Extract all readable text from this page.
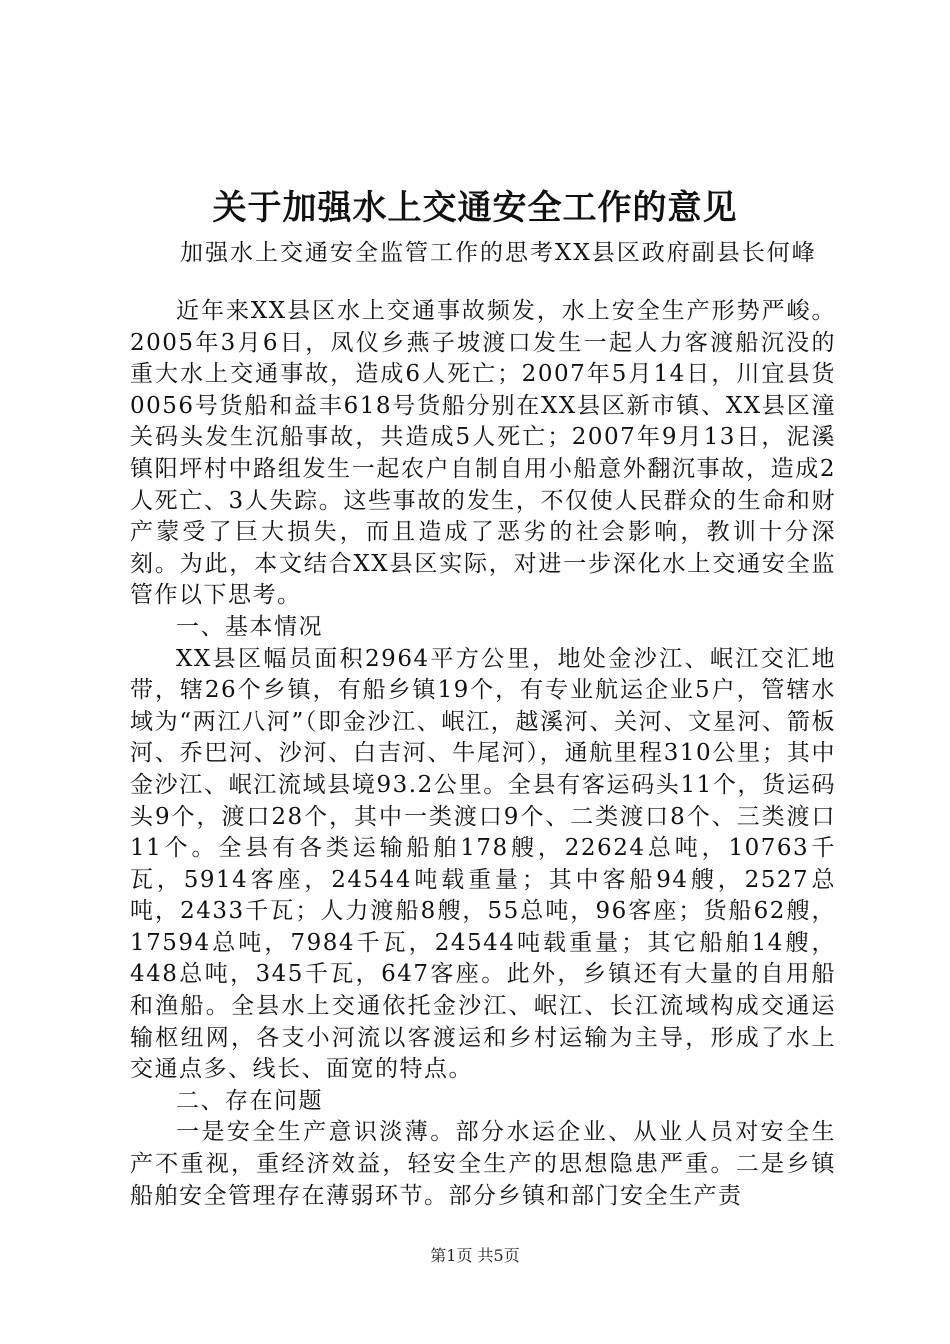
关于加强水上交通安全工作的意见
加强水上交通安全监管工作的思考XX县区政府副县长何峰

近年来XX县区水上交通事故频发，水上安全生产形势严峻。2005年3月6日，凤仪乡燕子坡渡口发生一起人力客渡船沉没的重大水上交通事故，造成6人死亡；2007年5月14日，川宜县货0056号货船和益丰618号货船分别在XX县区新市镇、XX县区潼关码头发生沉船事故，共造成5人死亡；2007年9月13日，泥溪镇阳坪村中路组发生一起农户自制自用小船意外翻沉事故，造成2人死亡、3人失踪。这些事故的发生，不仅使人民群众的生命和财产蒙受了巨大损失，而且造成了恶劣的社会影响，教训十分深刻。为此，本文结合XX县区实际，对进一步深化水上交通安全监管作以下思考。

一、基本情况

XX县区幅员面积2964平方公里，地处金沙江、岷江交汇地带，辖26个乡镇，有船乡镇19个，有专业航运企业5户，管辖水域为“两江八河”（即金沙江、岷江，越溪河、关河、文星河、箭板河、乔巴河、沙河、白吉河、牛尾河），通航里程310公里；其中金沙江、岷江流域县境93.2公里。全县有客运码头11个，货运码头9个，渡口28个，其中一类渡口9个、二类渡口8个、三类渡口11个。全县有各类运输船舶178艘，22624总吨，10763千瓦，5914客座，24544吨载重量；其中客船94艘，2527总吨，2433千瓦；人力渡船8艘，55总吨，96客座；货船62艘，17594总吨，7984千瓦，24544吨载重量；其它船舶14艘，448总吨，345千瓦，647客座。此外，乡镇还有大量的自用船和渔船。全县水上交通依托金沙江、岷江、长江流域构成交通运输枢纽网，各支小河流以客渡运和乡村运输为主导，形成了水上交通点多、线长、面宽的特点。

二、存在问题

一是安全生产意识淡薄。部分水运企业、从业人员对安全生产不重视，重经济效益，轻安全生产的思想隐患严重。二是乡镇船舶安全管理存在薄弱环节。部分乡镇和部门安全生产责

第1页 共5页
